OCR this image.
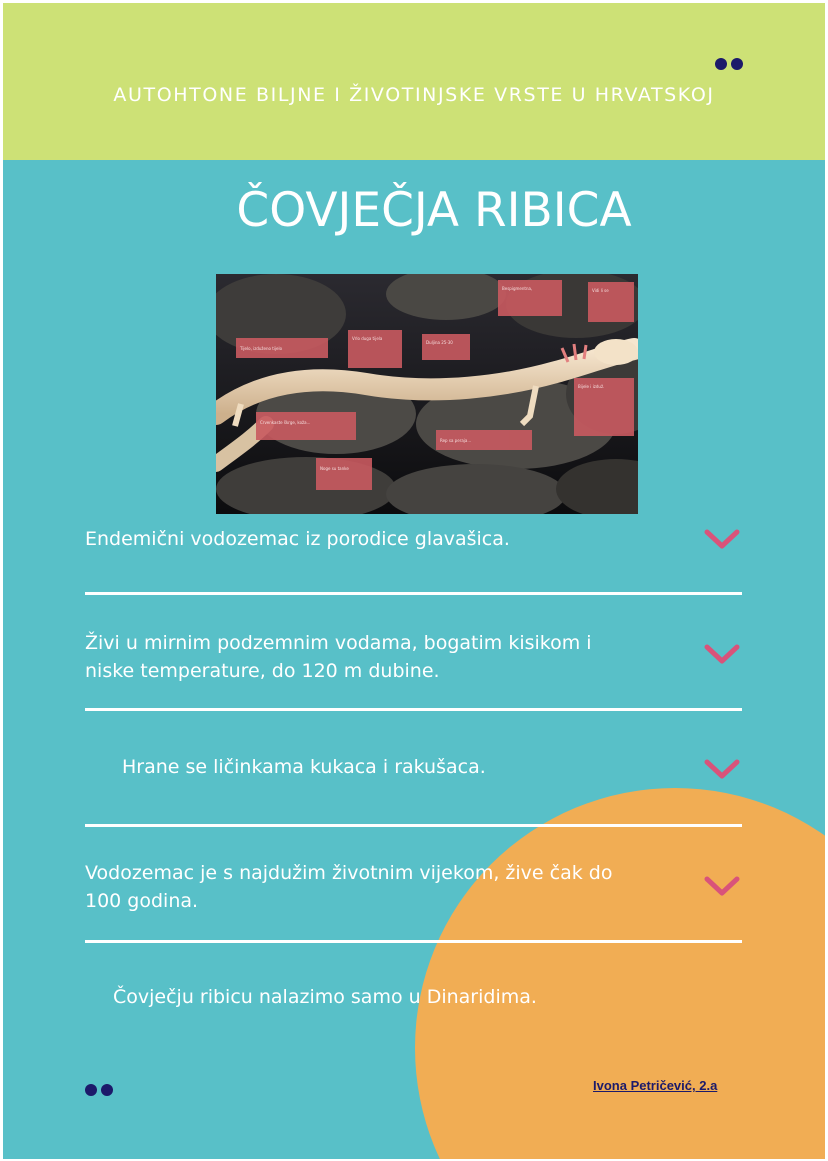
AUTOHTONE BILJNE I ŽIVOTINJSKE VRSTE U HRVATSKOJ
ČOVJEČJA RIBICA
Bespigmentna,	Vidi li se
Duljina 25-30
Vrlo duga tijela
Tijelo, izduženo tijelo
Bijele i izduž.
Crvenkaste škrge, koža...
Rep sa peraja...
Noge su tanke
Endemični vodozemac iz porodice glavašica.
Živi u mirnim podzemnim vodama, bogatim kisikom i niske temperature, do 120 m dubine.
Hrane se ličinkama kukaca i rakušaca.
Vodozemac je s najdužim životnim vijekom, žive čak do 100 godina.
Čovječju ribicu nalazimo samo u Dinaridima.
Ivona Petričević, 2.a
